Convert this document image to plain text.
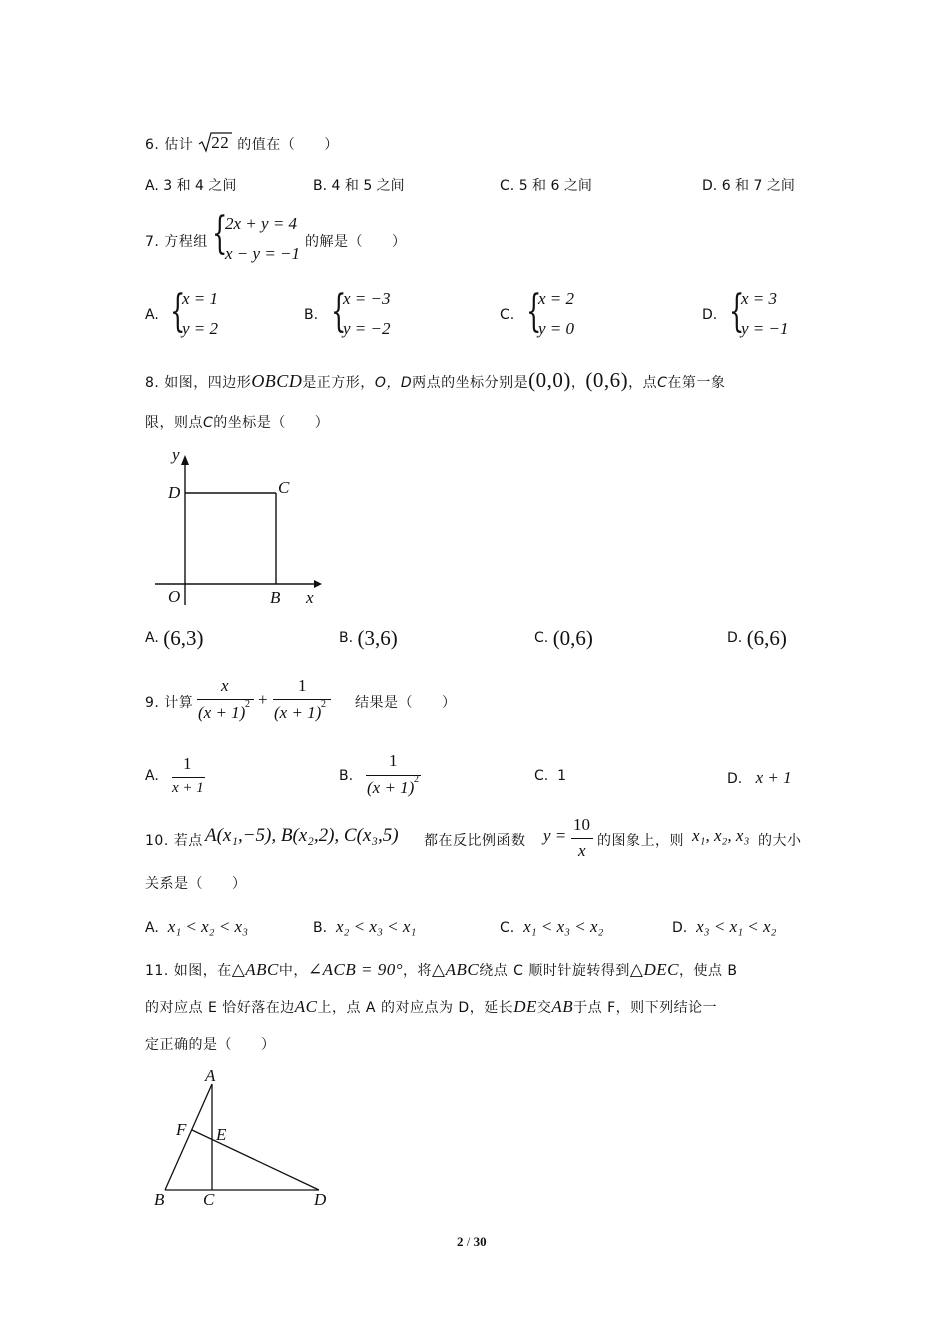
6. 估计 22 的值在（　　）
A. 3 和 4 之间	B. 4 和 5 之间	C. 5 和 6 之间	D. 6 和 7 之间
7. 方程组 {
2x + y = 4
x − y = −1
的解是（　　）
A. {
x = 1
y = 2
B. {
x = −3
y = −2
C. {
x = 2
y = 0
D. {
x = 3
y = −1
8. 如图，四边形OBCD是正方形，O，D两点的坐标分别是(0,0)，(0,6)，点C在第一象
限，则点C的坐标是（　　）
y
x
D	C
O	B
A. (6,3)	B. (3,6)	C. (0,6)	D. (6,6)
9. 计算
x
(x + 1) 2 +
1
(x + 1) 2 结果是（　　）
A.
1
x + 1
B.
1
(x + 1) 2	C. 1	D. x + 1
10. 若点 A(x₁,−5), B(x₂,2), C(x₃,5) 都在反比例函数 y =
10
x 的图象上，则 x₁, x₂, x₃ 的大小
关系是（　　）
A. x₁ < x₂ < x₃	B. x₂ < x₃ < x₁	C. x₁ < x₃ < x₂	D. x₃ < x₁ < x₂
11. 如图，在△ABC中，∠ACB = 90°，将△ABC绕点 C 顺时针旋转得到△DEC，使点 B
的对应点 E 恰好落在边AC上，点 A 的对应点为 D，延长DE交AB于点 F，则下列结论一
定正确的是（　　）
A
F E
B C	D
2 / 30
